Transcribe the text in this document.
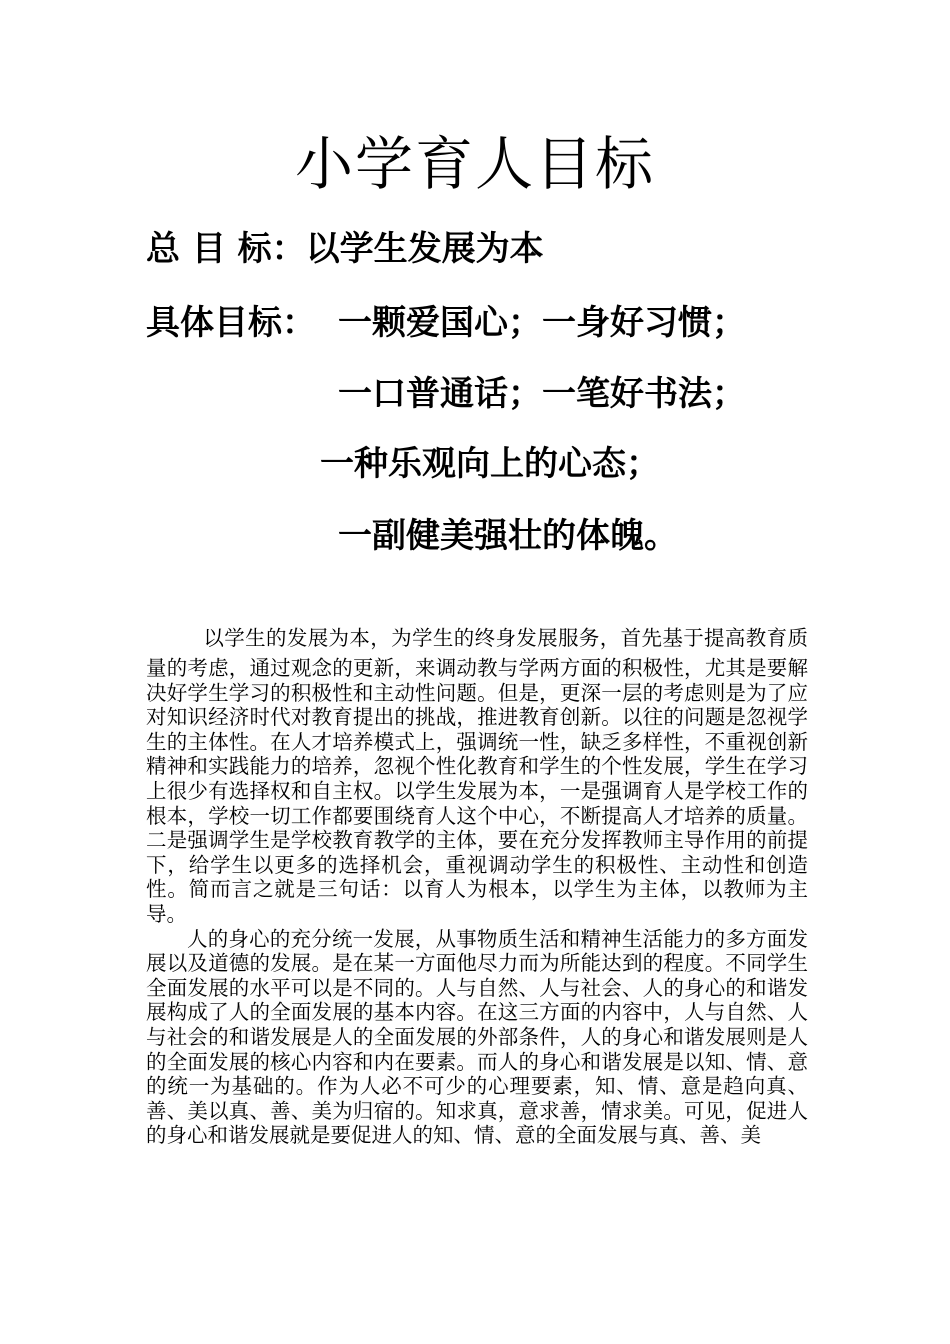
小学育人目标
总 目 标：以学生发展为本
具体目标： 一颗爱国心；一身好习惯；
一口普通话；一笔好书法；
一种乐观向上的心态；
一副健美强壮的体魄。

以学生的发展为本，为学生的终身发展服务，首先基于提高教育质量的考虑，通过观念的更新，来调动教与学两方面的积极性，尤其是要解决好学生学习的积极性和主动性问题。但是，更深一层的考虑则是为了应对知识经济时代对教育提出的挑战，推进教育创新。以往的问题是忽视学生的主体性。在人才培养模式上，强调统一性，缺乏多样性，不重视创新精神和实践能力的培养，忽视个性化教育和学生的个性发展，学生在学习上很少有选择权和自主权。以学生发展为本，一是强调育人是学校工作的根本，学校一切工作都要围绕育人这个中心，不断提高人才培养的质量。二是强调学生是学校教育教学的主体，要在充分发挥教师主导作用的前提下，给学生以更多的选择机会，重视调动学生的积极性、主动性和创造性。简而言之就是三句话：以育人为根本，以学生为主体，以教师为主导。

人的身心的充分统一发展，从事物质生活和精神生活能力的多方面发展以及道德的发展。是在某一方面他尽力而为所能达到的程度。不同学生全面发展的水平可以是不同的。人与自然、人与社会、人的身心的和谐发展构成了人的全面发展的基本内容。在这三方面的内容中，人与自然、人与社会的和谐发展是人的全面发展的外部条件，人的身心和谐发展则是人的全面发展的核心内容和内在要素。而人的身心和谐发展是以知、情、意的统一为基础的。作为人必不可少的心理要素，知、情、意是趋向真、善、美以真、善、美为归宿的。知求真，意求善，情求美。可见，促进人的身心和谐发展就是要促进人的知、情、意的全面发展与真、善、美
